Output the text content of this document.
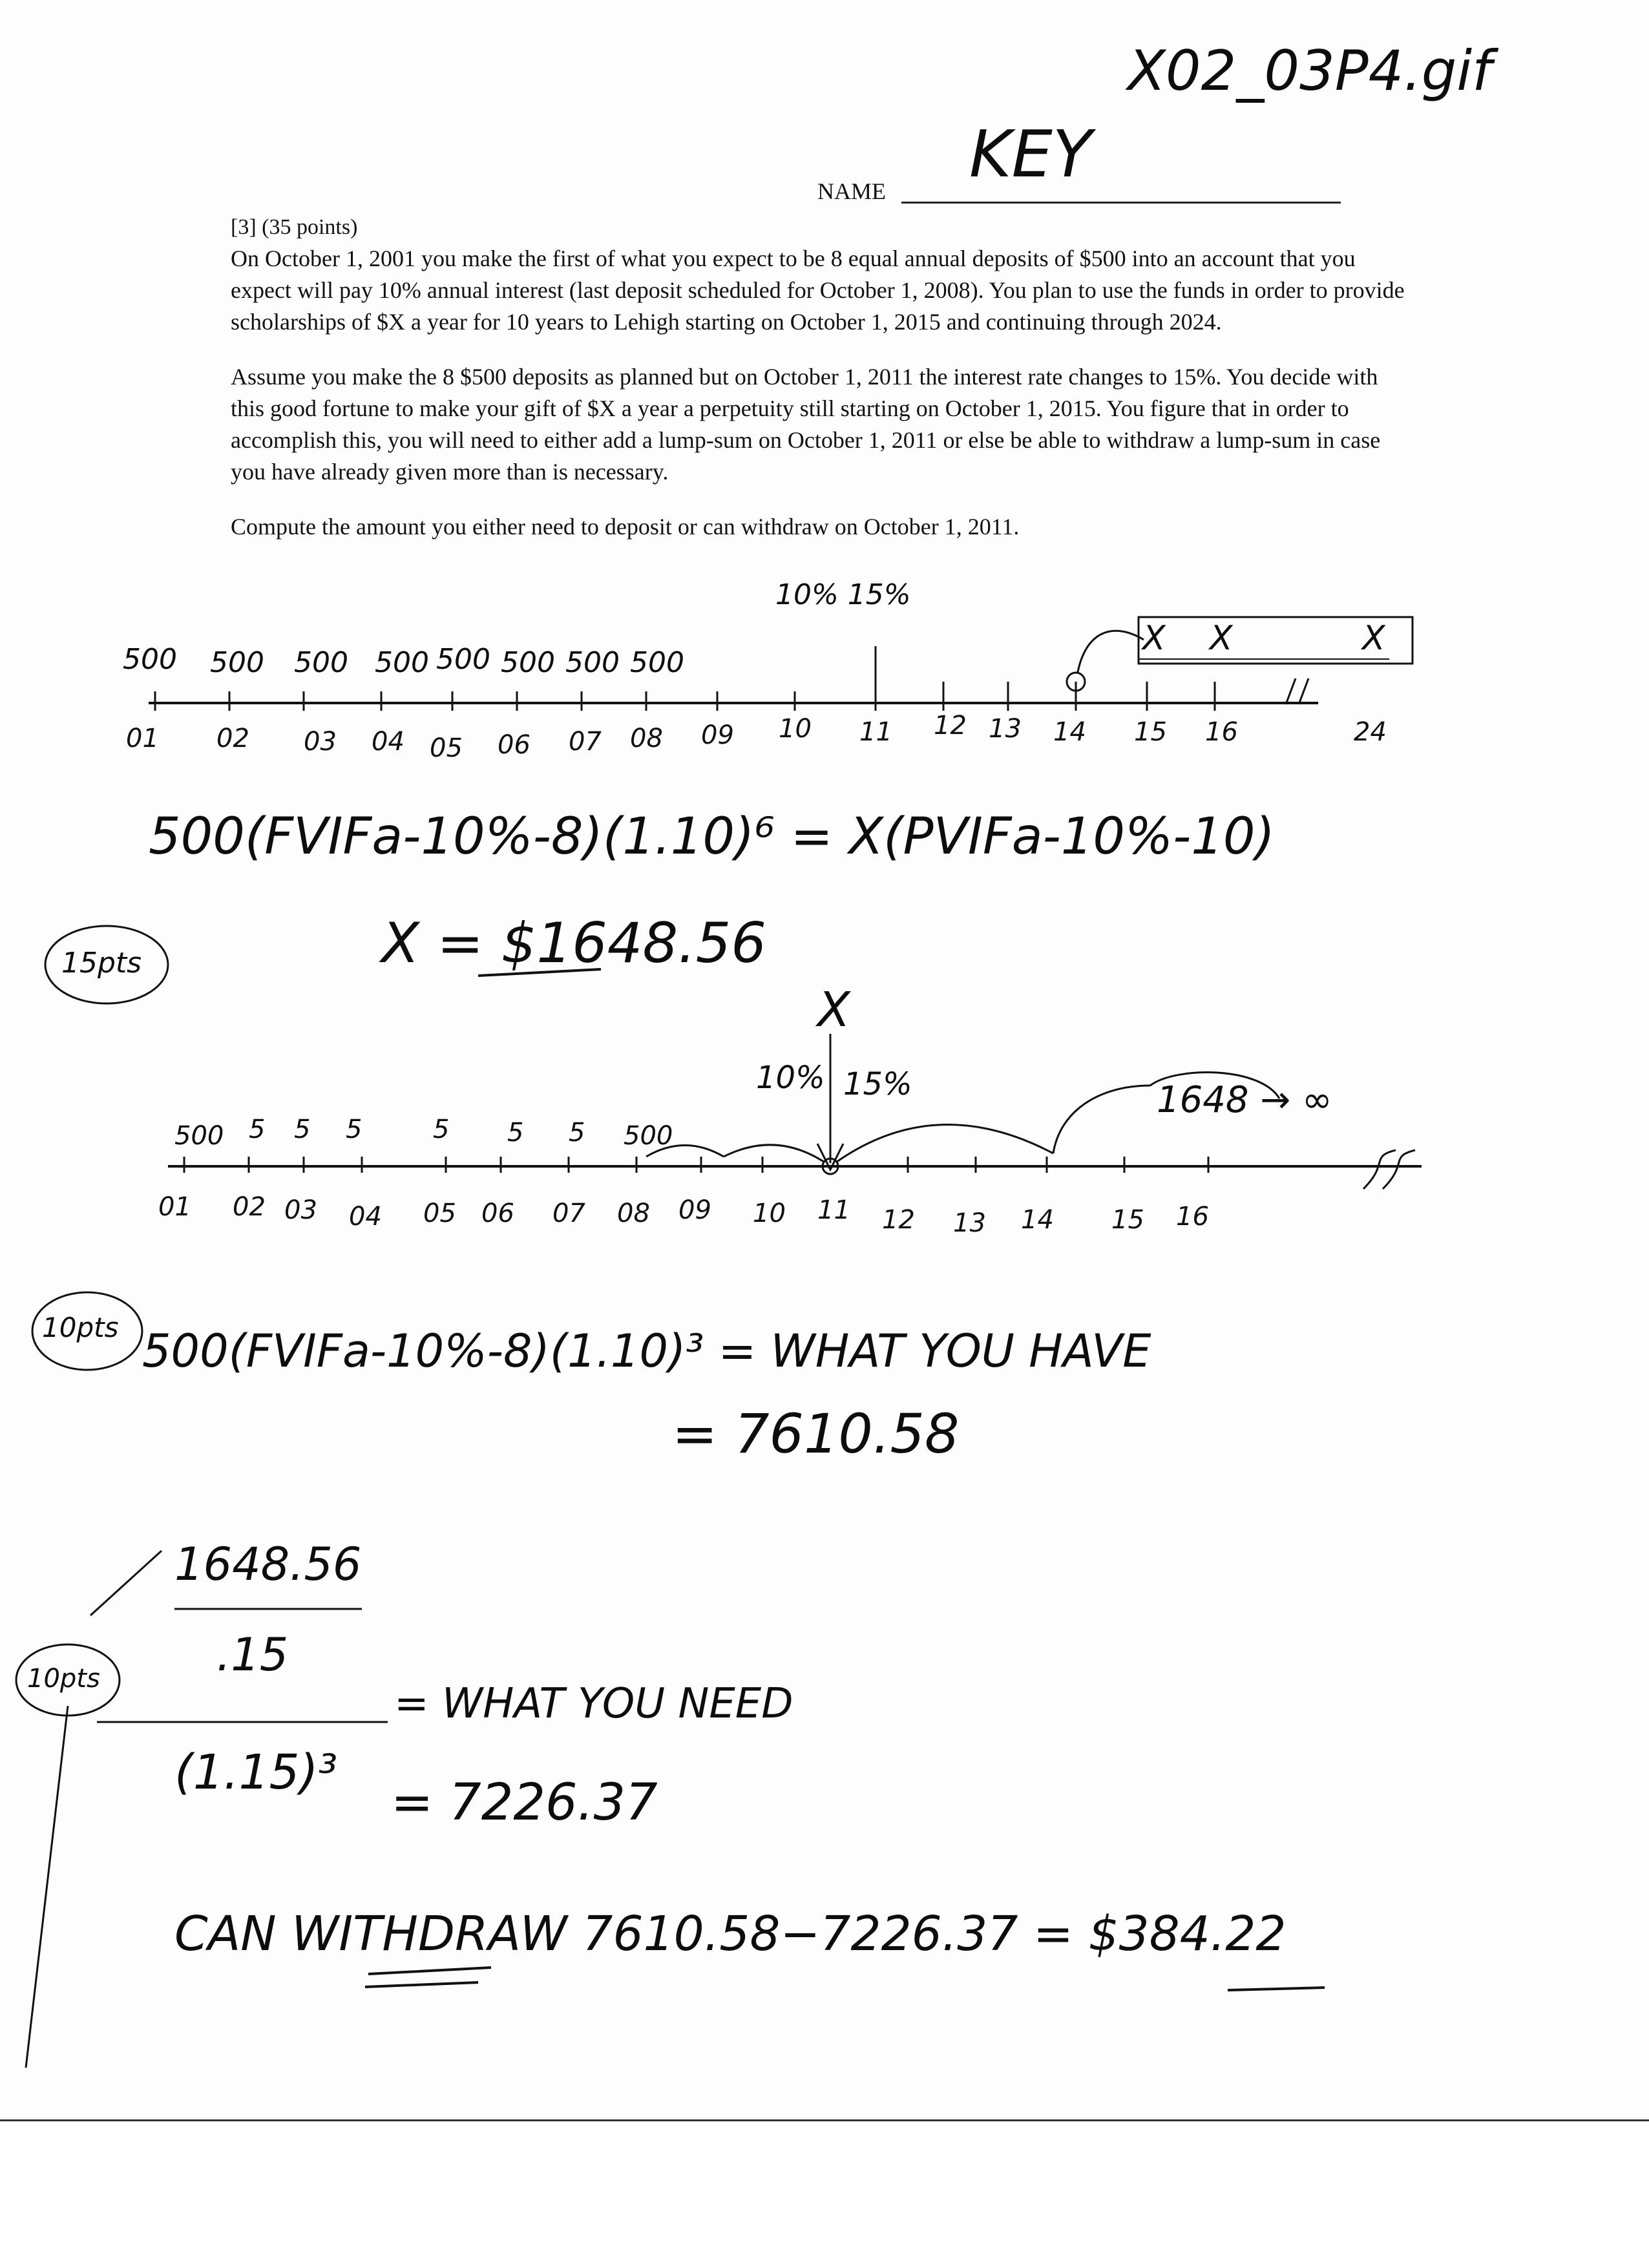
X02_03P4.gif
NAME KEY

[3] (35 points)

On October 1, 2001 you make the first of what you expect to be 8 equal annual deposits of $500 into an account that you expect will pay 10% annual interest (last deposit scheduled for October 1, 2008). You plan to use the funds in order to provide scholarships of $X a year for 10 years to Lehigh starting on October 1, 2015 and continuing through 2024.

Assume you make the 8 $500 deposits as planned but on October 1, 2011 the interest rate changes to 15%. You decide with this good fortune to make your gift of $X a year a perpetuity still starting on October 1, 2015. You figure that in order to accomplish this, you will need to either add a lump-sum on October 1, 2011 or else be able to withdraw a lump-sum in case you have already given more than is necessary.

Compute the amount you either need to deposit or can withdraw on October 1, 2011.

10% 15%
500 500 500 500 500 500 500 500
X X	X
01 02 03 04 05 06 07 08 09 10 11 12 13 14 15 16	24
500(FVIFa-10%-8)(1.10)⁶ = X(PVIFa-10%-10)
15pts	X = $1648.56
X
10% 15%	1648 → ∞
500 5 5 5	5 5 5 500
01 02 03 04 05 06 07 08 09 10 11 12 13 14 15 16
10pts 500(FVIFa-10%-8)(1.10)³ = WHAT YOU HAVE
= 7610.58
1648.56
.15
10pts
(1.15)³
= WHAT YOU NEED
= 7226.37
CAN WITHDRAW 7610.58−7226.37 = $384.22
